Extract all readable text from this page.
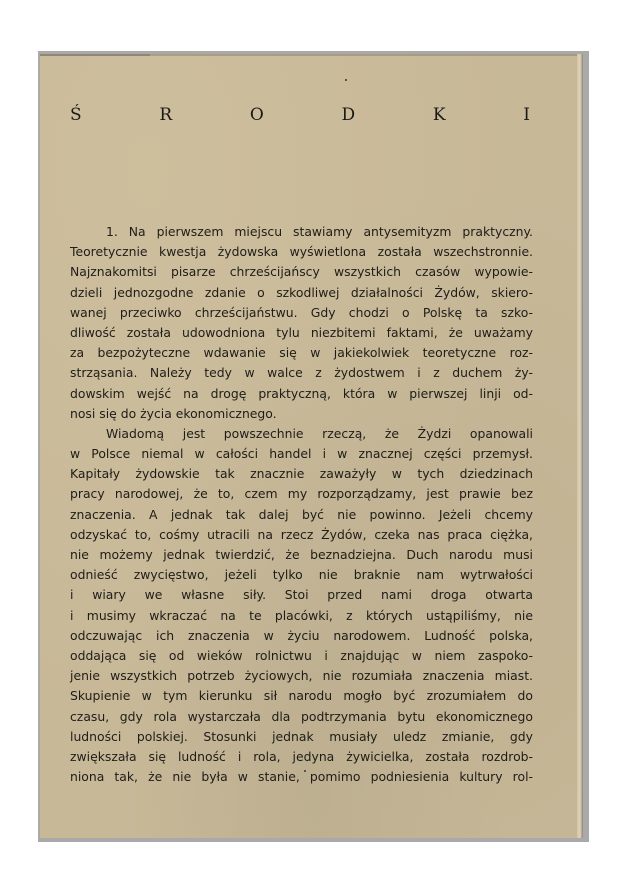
Ś	R	O	D	K	I
1. Na pierwszem miejscu stawiamy antysemityzm praktyczny.
Teoretycznie kwestja żydowska wyświetlona została wszechstronnie.
Najznakomitsi pisarze chrześcijańscy wszystkich czasów wypowie-
dzieli jednozgodne zdanie o szkodliwej działalności Żydów, skiero-
wanej przeciwko chrześcijaństwu. Gdy chodzi o Polskę ta szko-
dliwość została udowodniona tylu niezbitemi faktami, że uważamy
za bezpożyteczne wdawanie się w jakiekolwiek teoretyczne roz-
strząsania. Należy tedy w walce z żydostwem i z duchem ży-
dowskim wejść na drogę praktyczną, która w pierwszej linji od-
nosi się do życia ekonomicznego.
Wiadomą jest powszechnie rzeczą, że Żydzi opanowali
w Polsce niemal w całości handel i w znacznej części przemysł.
Kapitały żydowskie tak znacznie zaważyły w tych dziedzinach
pracy narodowej, że to, czem my rozporządzamy, jest prawie bez
znaczenia. A jednak tak dalej być nie powinno. Jeżeli chcemy
odzyskać to, cośmy utracili na rzecz Żydów, czeka nas praca ciężka,
nie możemy jednak twierdzić, że beznadziejna. Duch narodu musi
odnieść zwycięstwo, jeżeli tylko nie braknie nam wytrwałości
i wiary we własne siły. Stoi przed nami droga otwarta
i musimy wkraczać na te placówki, z których ustąpiliśmy, nie
odczuwając ich znaczenia w życiu narodowem. Ludność polska,
oddająca się od wieków rolnictwu i znajdując w niem zaspoko-
jenie wszystkich potrzeb życiowych, nie rozumiała znaczenia miast.
Skupienie w tym kierunku sił narodu mogło być zrozumiałem do
czasu, gdy rola wystarczała dla podtrzymania bytu ekonomicznego
ludności polskiej. Stosunki jednak musiały uledz zmianie, gdy
zwiększała się ludność i rola, jedyna żywicielka, została rozdrob-
niona tak, że nie była w stanie, pomimo podniesienia kultury rol-
